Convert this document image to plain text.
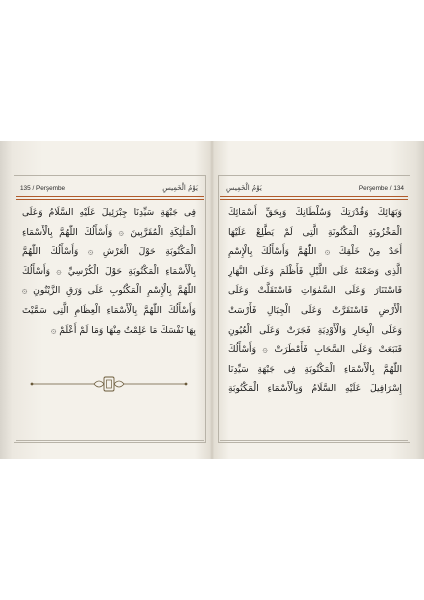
135 / Perşembe	يَوْمُ الْخَمِيسِ
فِى جَبْهَةِ سَيِّدِنَا جِبْرَئِيلَ عَلَيْهِ السَّلَامُ وَعَلَى
الْمَلَٰئِكَةِ الْمُقَرَّبِينَ ۞ وَأَسْأَلُكَ اللّٰهُمَّ بِالْأَسْمَاءِ
الْمَكْتُوبَةِ حَوْلَ الْعَرْشِ ۞ وَأَسْأَلُكَ اللّٰهُمَّ
بِالْأَسْمَاءِ الْمَكْتُوبَةِ حَوْلَ الْكُرْسِيِّ ۞ وَأَسْأَلُكَ
اللّٰهُمَّ بِالْإِسْمِ الْمَكْتُوبِ عَلَى وَرَقِ الزَّيْتُونِ ۞
وَأَسْأَلُكَ اللّٰهُمَّ بِالْأَسْمَاءِ الْعِظَامِ الَّتِى سَمَّيْتَ
بِهَا نَفْسَكَ مَا عَلِمْتُ مِنْهَا وَمَا لَمْ أَعْلَمْ ۞
يَوْمُ الْخَمِيسِ	Perşembe / 134
وَبَهَائِكَ وَقُدْرَتِكَ وَسُلْطَانِكَ وَبِحَقِّ أَسْمَائِكَ
الْمَخْزُونَةِ الْمَكْنُونَةِ الَّتِى لَمْ يَطَّلِعْ عَلَيْهَا
أَحَدٌ مِنْ خَلْقِكَ ۞ اللّٰهُمَّ وَأَسْأَلُكَ بِالْإِسْمِ
الَّذِى وَضَعْتَهُ عَلَى اللَّيْلِ فَأَظْلَمَ وَعَلَى النَّهَارِ
فَاسْتَنَارَ وَعَلَى السَّمٰوَاتِ فَاسْتَقَلَّتْ وَعَلَى
الْأَرْضِ فَاسْتَقَرَّتْ وَعَلَى الْجِبَالِ فَأَرْسَتْ
وَعَلَى الْبِحَارِ وَالْأَوْدِيَةِ فَجَرَتْ وَعَلَى الْعُيُونِ
فَنَبَعَتْ وَعَلَى السَّحَابِ فَأَمْطَرَتْ ۞ وَأَسْأَلُكَ
اللّٰهُمَّ بِالْأَسْمَاءِ الْمَكْتُوبَةِ فِى جَبْهَةِ سَيِّدِنَا
إِسْرَافِيلَ عَلَيْهِ السَّلَامُ وَبِالْأَسْمَاءِ الْمَكْتُوبَةِ
